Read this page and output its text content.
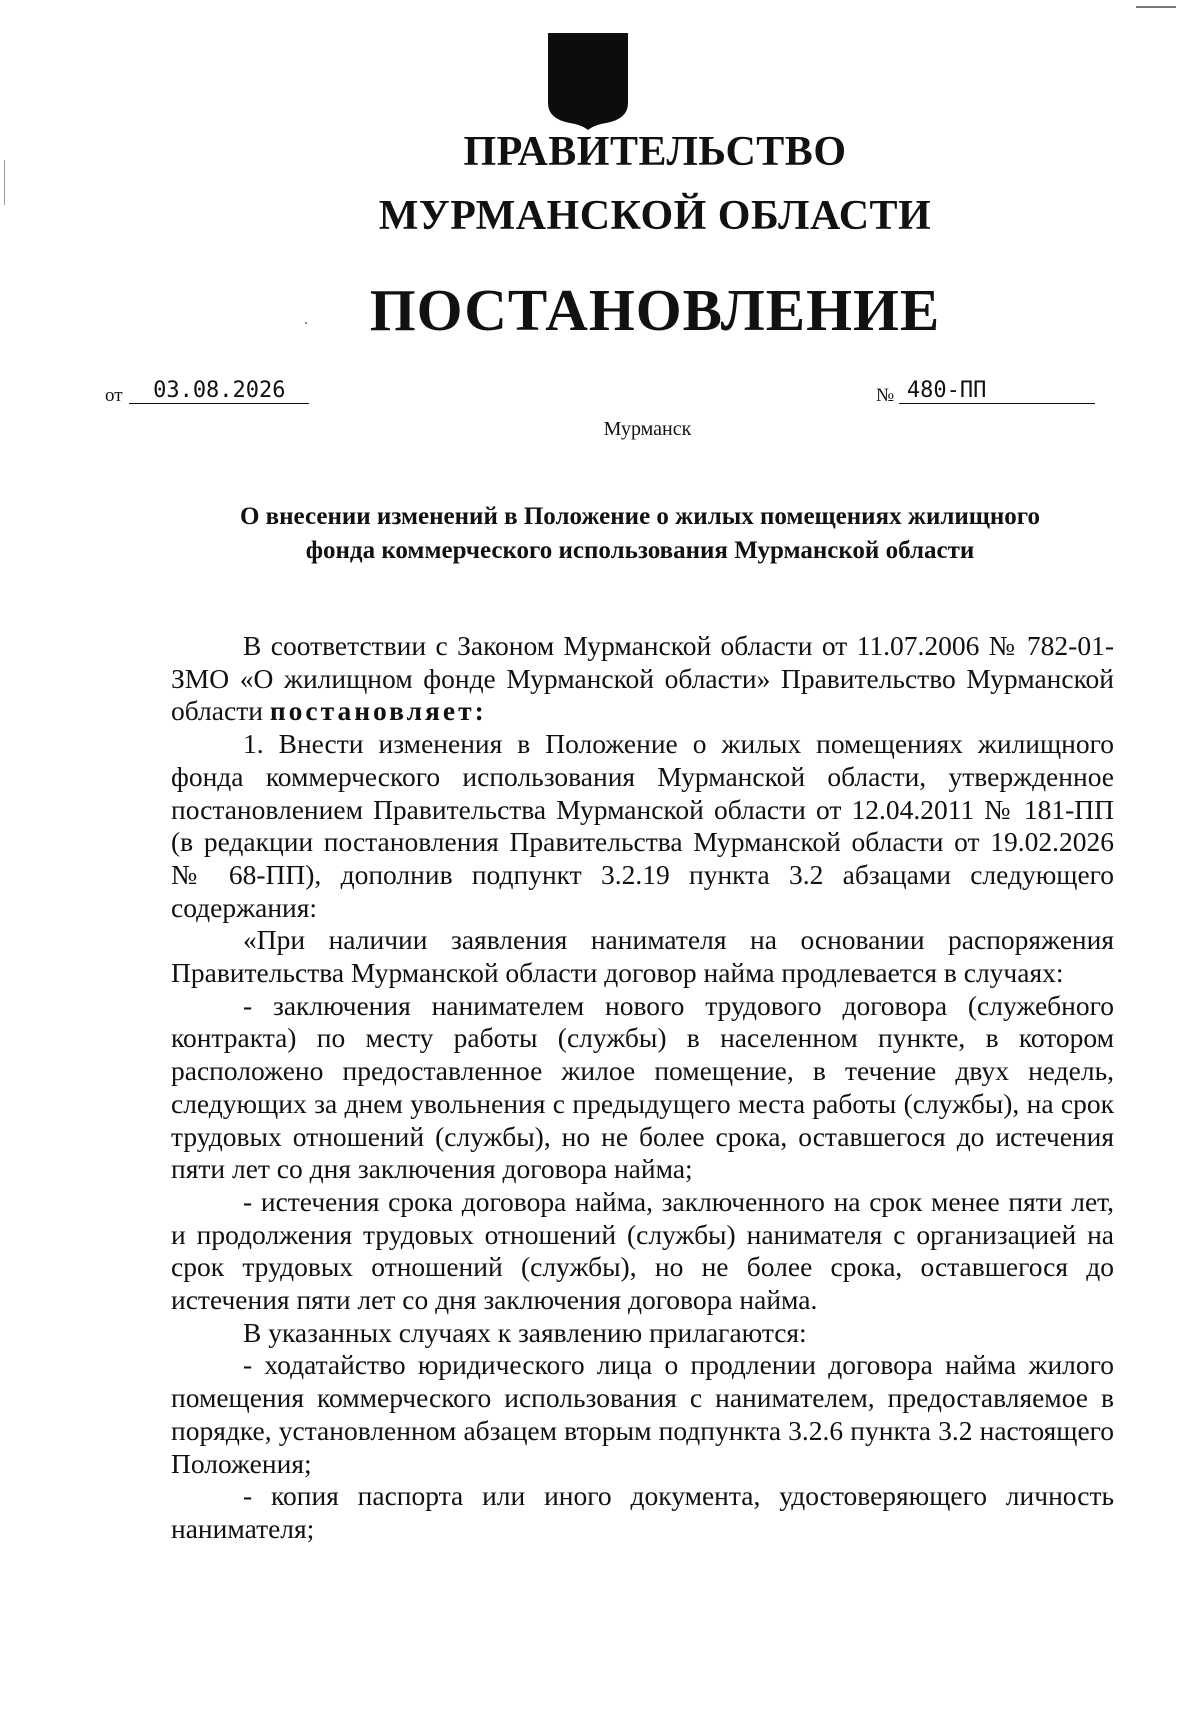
ПРАВИТЕЛЬСТВО
МУРМАНСКОЙ ОБЛАСТИ
ПОСТАНОВЛЕНИЕ
от 03.08.2026	№ 480-ПП
Мурманск
О внесении изменений в Положение о жилых помещениях жилищного
фонда коммерческого использования Мурманской области

В соответствии с Законом Мурманской области от 11.07.2006 № 782-01-ЗМО «О жилищном фонде Мурманской области» Правительство Мурманской области постановляет:

1. Внести изменения в Положение о жилых помещениях жилищного фонда коммерческого использования Мурманской области, утвержденное постановлением Правительства Мурманской области от 12.04.2011 № 181-ПП (в редакции постановления Правительства Мурманской области от 19.02.2026 № 68-ПП), дополнив подпункт 3.2.19 пункта 3.2 абзацами следующего содержания:

«При наличии заявления нанимателя на основании распоряжения Правительства Мурманской области договор найма продлевается в случаях:

- заключения нанимателем нового трудового договора (служебного контракта) по месту работы (службы) в населенном пункте, в котором расположено предоставленное жилое помещение, в течение двух недель, следующих за днем увольнения с предыдущего места работы (службы), на срок трудовых отношений (службы), но не более срока, оставшегося до истечения пяти лет со дня заключения договора найма;

- истечения срока договора найма, заключенного на срок менее пяти лет, и продолжения трудовых отношений (службы) нанимателя с организацией на срок трудовых отношений (службы), но не более срока, оставшегося до истечения пяти лет со дня заключения договора найма.

В указанных случаях к заявлению прилагаются:

- ходатайство юридического лица о продлении договора найма жилого помещения коммерческого использования с нанимателем, предоставляемое в порядке, установленном абзацем вторым подпункта 3.2.6 пункта 3.2 настоящего Положения;

- копия паспорта или иного документа, удостоверяющего личность нанимателя;
